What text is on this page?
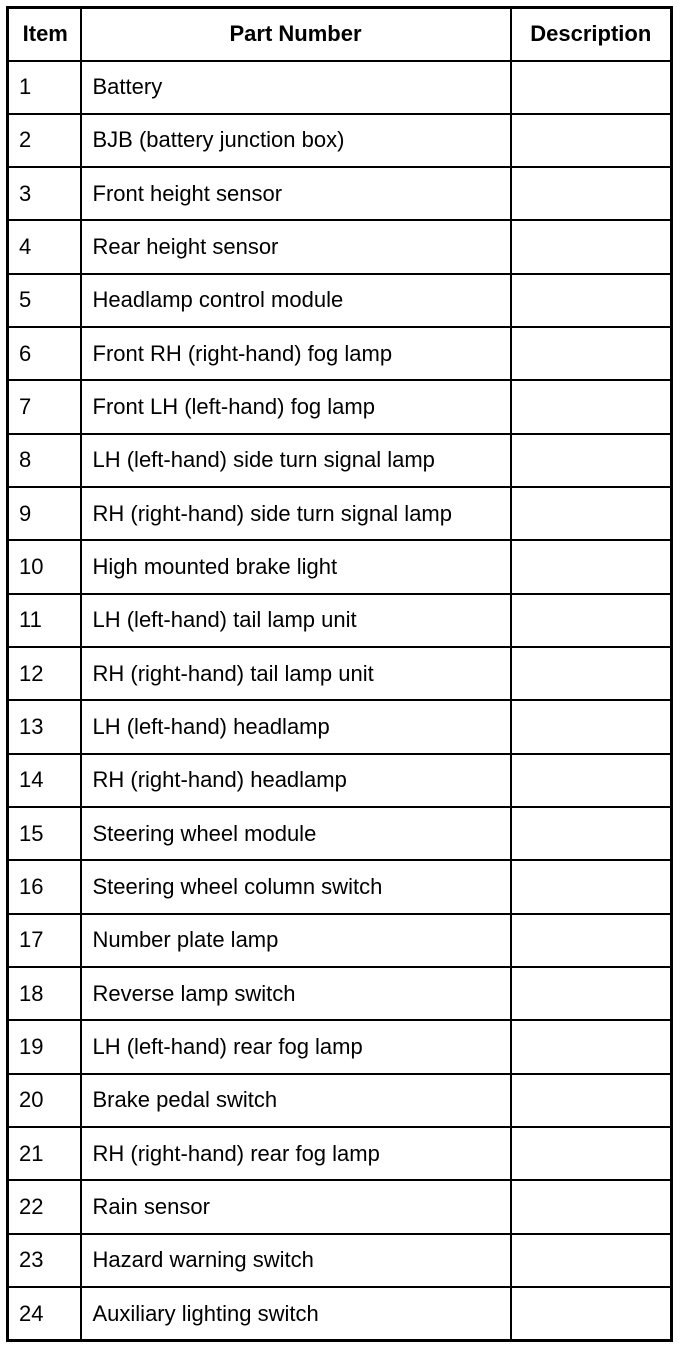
Item	Part Number	Description
1	Battery	
2	BJB (battery junction box)	
3	Front height sensor	
4	Rear height sensor	
5	Headlamp control module	
6	Front RH (right-hand) fog lamp	
7	Front LH (left-hand) fog lamp	
8	LH (left-hand) side turn signal lamp	
9	RH (right-hand) side turn signal lamp	
10	High mounted brake light	
11	LH (left-hand) tail lamp unit	
12	RH (right-hand) tail lamp unit	
13	LH (left-hand) headlamp	
14	RH (right-hand) headlamp	
15	Steering wheel module	
16	Steering wheel column switch	
17	Number plate lamp	
18	Reverse lamp switch	
19	LH (left-hand) rear fog lamp	
20	Brake pedal switch	
21	RH (right-hand) rear fog lamp	
22	Rain sensor	
23	Hazard warning switch	
24	Auxiliary lighting switch	
